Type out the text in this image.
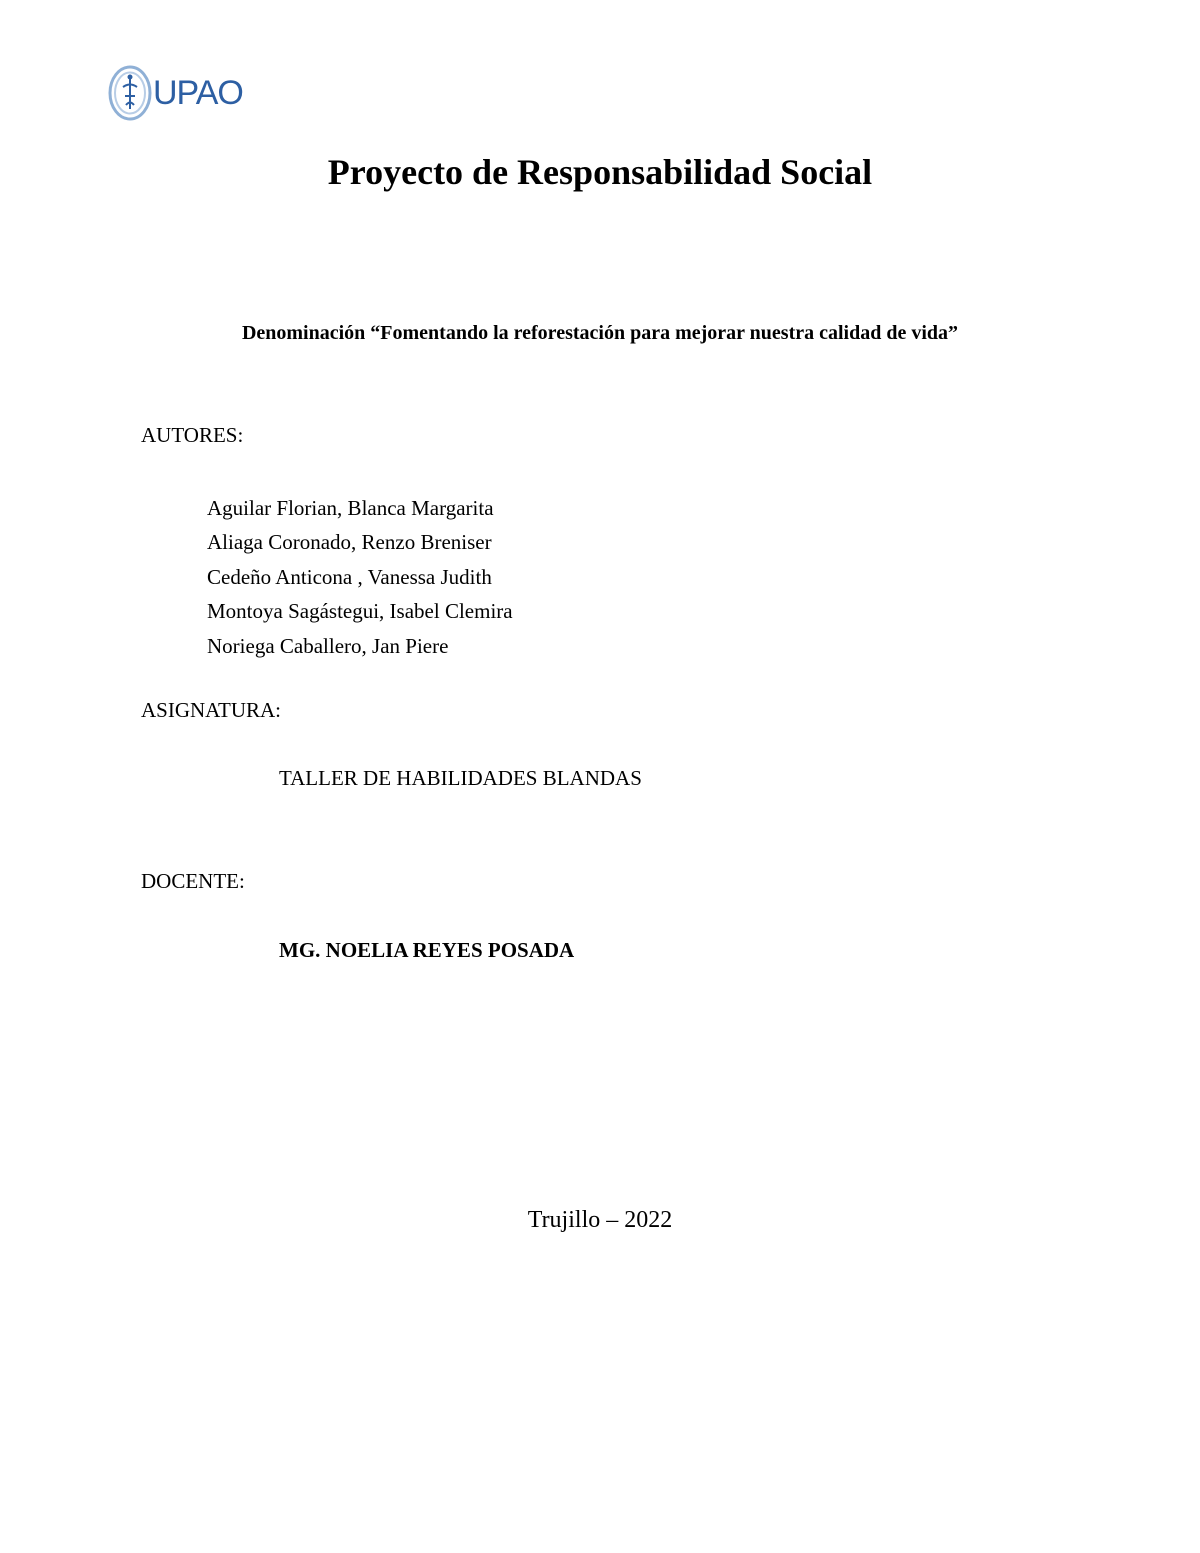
UPAO
Proyecto de Responsabilidad Social
Denominación “Fomentando la reforestación para mejorar nuestra calidad de vida”
AUTORES:
Aguilar Florian, Blanca Margarita
Aliaga Coronado, Renzo Breniser
Cedeño Anticona , Vanessa Judith
Montoya Sagástegui, Isabel Clemira
Noriega Caballero, Jan Piere
ASIGNATURA:
TALLER DE HABILIDADES BLANDAS
DOCENTE:
MG. NOELIA REYES POSADA
Trujillo – 2022
